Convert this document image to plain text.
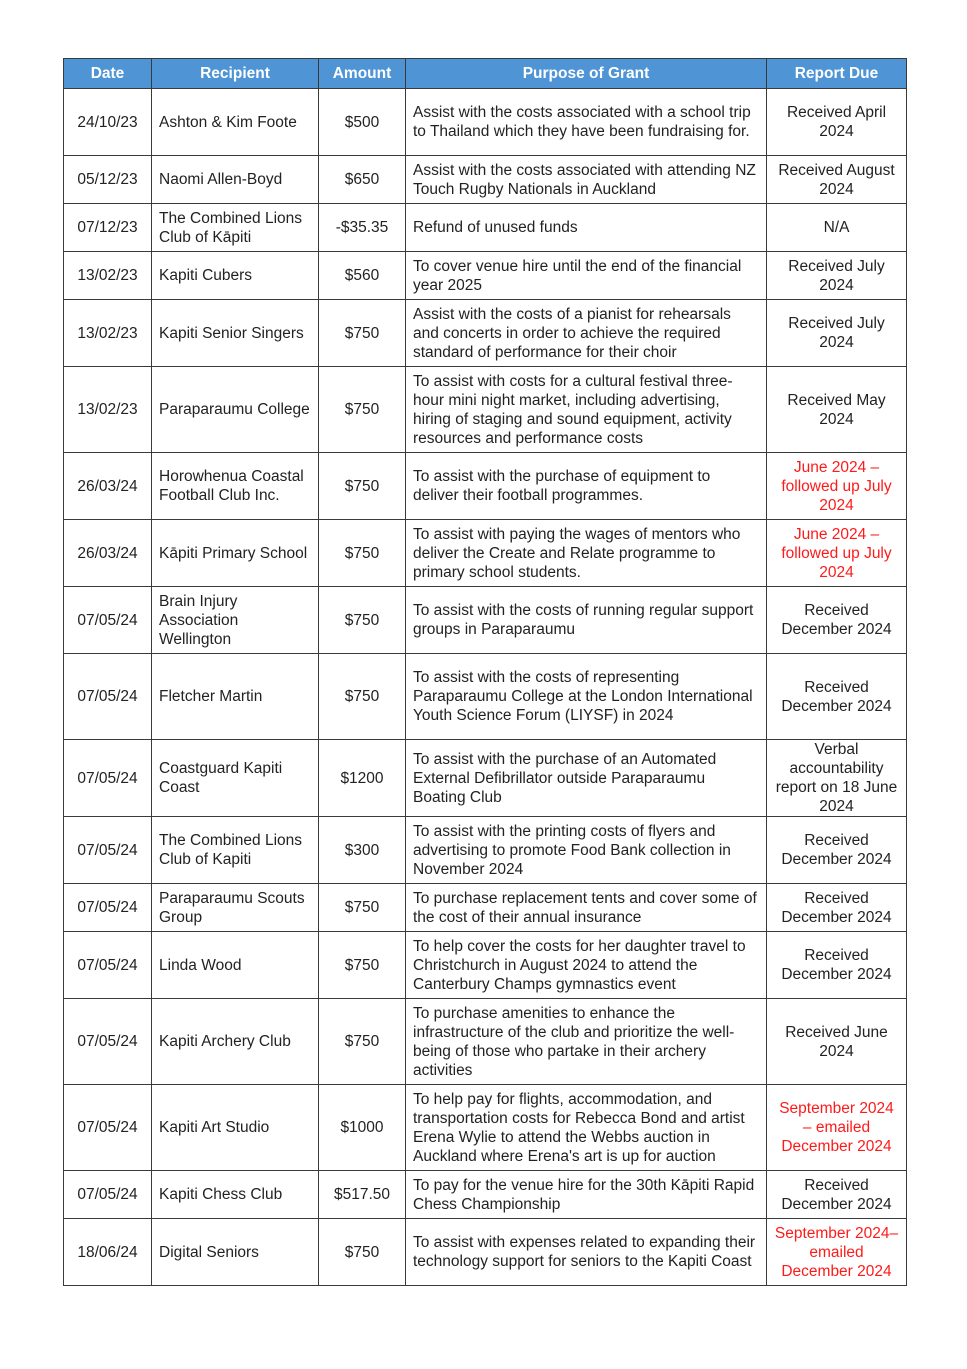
Date	Recipient	Amount	Purpose of Grant	Report Due
24/10/23	Ashton & Kim Foote	$500	Assist with the costs associated with a school trip to Thailand which they have been fundraising for.	Received April 2024
05/12/23	Naomi Allen-Boyd	$650	Assist with the costs associated with attending NZ Touch Rugby Nationals in Auckland	Received August 2024
07/12/23	The Combined Lions Club of Kāpiti	-$35.35	Refund of unused funds	N/A
13/02/23	Kapiti Cubers	$560	To cover venue hire until the end of the financial year 2025	Received July 2024
13/02/23	Kapiti Senior Singers	$750	Assist with the costs of a pianist for rehearsals and concerts in order to achieve the required standard of performance for their choir	Received July 2024
13/02/23	Paraparaumu College	$750	To assist with costs for a cultural festival three-hour mini night market, including advertising, hiring of staging and sound equipment, activity resources and performance costs	Received May 2024
26/03/24	Horowhenua Coastal Football Club Inc.	$750	To assist with the purchase of equipment to deliver their football programmes.	June 2024 – followed up July 2024
26/03/24	Kāpiti Primary School	$750	To assist with paying the wages of mentors who deliver the Create and Relate programme to primary school students.	June 2024 – followed up July 2024
07/05/24	Brain Injury Association Wellington	$750	To assist with the costs of running regular support groups in Paraparaumu	Received December 2024
07/05/24	Fletcher Martin	$750	To assist with the costs of representing Paraparaumu College at the London International Youth Science Forum (LIYSF) in 2024	Received December 2024
07/05/24	Coastguard Kapiti Coast	$1200	To assist with the purchase of an Automated External Defibrillator outside Paraparaumu Boating Club	Verbal accountability report on 18 June 2024
07/05/24	The Combined Lions Club of Kapiti	$300	To assist with the printing costs of flyers and advertising to promote Food Bank collection in November 2024	Received December 2024
07/05/24	Paraparaumu Scouts Group	$750	To purchase replacement tents and cover some of the cost of their annual insurance	Received December 2024
07/05/24	Linda Wood	$750	To help cover the costs for her daughter travel to Christchurch in August 2024 to attend the Canterbury Champs gymnastics event	Received December 2024
07/05/24	Kapiti Archery Club	$750	To purchase amenities to enhance the infrastructure of the club and prioritize the well-being of those who partake in their archery activities	Received June 2024
07/05/24	Kapiti Art Studio	$1000	To help pay for flights, accommodation, and transportation costs for Rebecca Bond and artist Erena Wylie to attend the Webbs auction in Auckland where Erena's art is up for auction	September 2024 – emailed December 2024
07/05/24	Kapiti Chess Club	$517.50	To pay for the venue hire for the 30th Kāpiti Rapid Chess Championship	Received December 2024
18/06/24	Digital Seniors	$750	To assist with expenses related to expanding their technology support for seniors to the Kapiti Coast	September 2024– emailed December 2024
